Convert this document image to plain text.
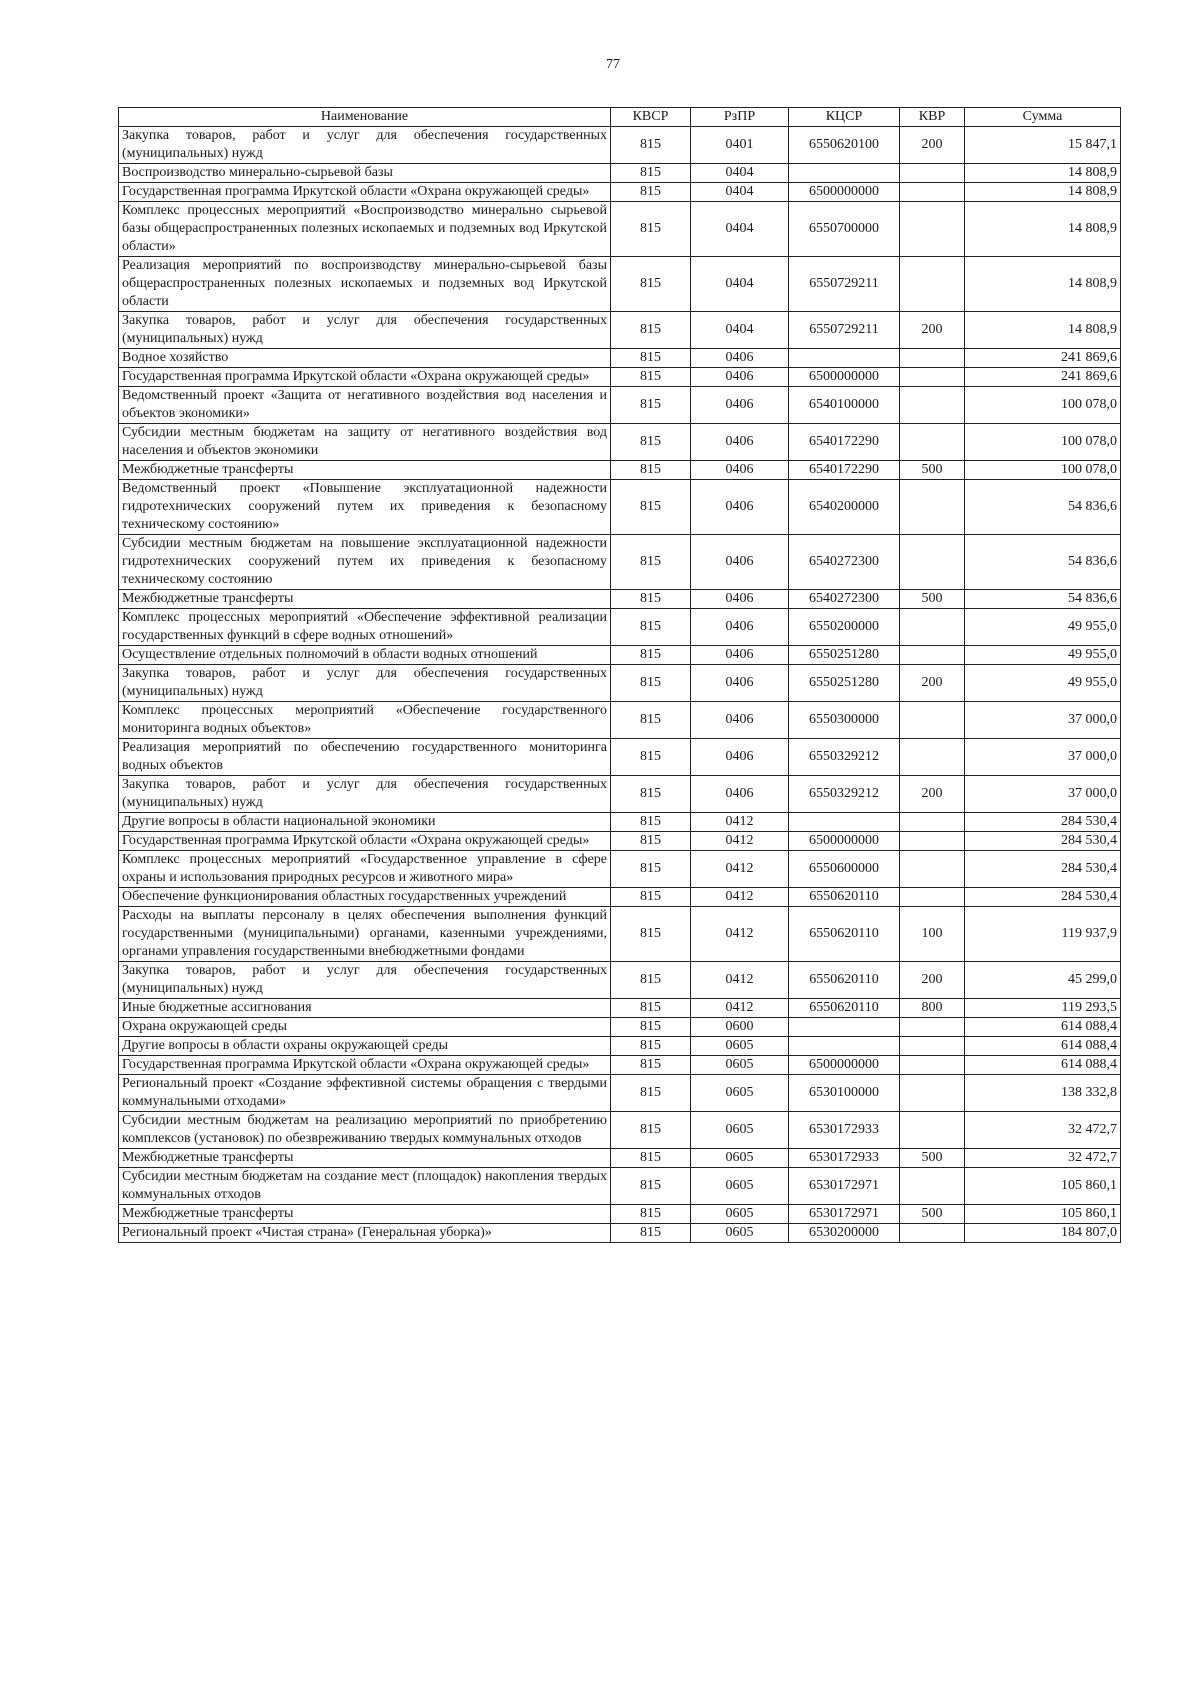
77
Наименование	КВСР	РзПР	КЦСР	КВР	Сумма
Закупка товаров, работ и услуг для обеспечения государственных (муниципальных) нужд	815	0401	6550620100	200	15 847,1
Воспроизводство минерально-сырьевой базы	815	0404			14 808,9
Государственная программа Иркутской области «Охрана окружающей среды»	815	0404	6500000000		14 808,9
Комплекс процессных мероприятий «Воспроизводство минерально сырьевой базы общераспространенных полезных ископаемых и подземных вод Иркутской области»	815	0404	6550700000		14 808,9
Реализация мероприятий по воспроизводству минерально-сырьевой базы общераспространенных полезных ископаемых и подземных вод Иркутской области	815	0404	6550729211		14 808,9
Закупка товаров, работ и услуг для обеспечения государственных (муниципальных) нужд	815	0404	6550729211	200	14 808,9
Водное хозяйство	815	0406			241 869,6
Государственная программа Иркутской области «Охрана окружающей среды»	815	0406	6500000000		241 869,6
Ведомственный проект «Защита от негативного воздействия вод населения и объектов экономики»	815	0406	6540100000		100 078,0
Субсидии местным бюджетам на защиту от негативного воздействия вод населения и объектов экономики	815	0406	6540172290		100 078,0
Межбюджетные трансферты	815	0406	6540172290	500	100 078,0
Ведомственный проект «Повышение эксплуатационной надежности гидротехнических сооружений путем их приведения к безопасному техническому состоянию»	815	0406	6540200000		54 836,6
Субсидии местным бюджетам на повышение эксплуатационной надежности гидротехнических сооружений путем их приведения к безопасному техническому состоянию	815	0406	6540272300		54 836,6
Межбюджетные трансферты	815	0406	6540272300	500	54 836,6
Комплекс процессных мероприятий «Обеспечение эффективной реализации государственных функций в сфере водных отношений»	815	0406	6550200000		49 955,0
Осуществление отдельных полномочий в области водных отношений	815	0406	6550251280		49 955,0
Закупка товаров, работ и услуг для обеспечения государственных (муниципальных) нужд	815	0406	6550251280	200	49 955,0
Комплекс процессных мероприятий «Обеспечение государственного мониторинга водных объектов»	815	0406	6550300000		37 000,0
Реализация мероприятий по обеспечению государственного мониторинга водных объектов	815	0406	6550329212		37 000,0
Закупка товаров, работ и услуг для обеспечения государственных (муниципальных) нужд	815	0406	6550329212	200	37 000,0
Другие вопросы в области национальной экономики	815	0412			284 530,4
Государственная программа Иркутской области «Охрана окружающей среды»	815	0412	6500000000		284 530,4
Комплекс процессных мероприятий «Государственное управление в сфере охраны и использования природных ресурсов и животного мира»	815	0412	6550600000		284 530,4
Обеспечение функционирования областных государственных учреждений	815	0412	6550620110		284 530,4
Расходы на выплаты персоналу в целях обеспечения выполнения функций государственными (муниципальными) органами, казенными учреждениями, органами управления государственными внебюджетными фондами	815	0412	6550620110	100	119 937,9
Закупка товаров, работ и услуг для обеспечения государственных (муниципальных) нужд	815	0412	6550620110	200	45 299,0
Иные бюджетные ассигнования	815	0412	6550620110	800	119 293,5
Охрана окружающей среды	815	0600			614 088,4
Другие вопросы в области охраны окружающей среды	815	0605			614 088,4
Государственная программа Иркутской области «Охрана окружающей среды»	815	0605	6500000000		614 088,4
Региональный проект «Создание эффективной системы обращения с твердыми коммунальными отходами»	815	0605	6530100000		138 332,8
Субсидии местным бюджетам на реализацию мероприятий по приобретению комплексов (установок) по обезвреживанию твердых коммунальных отходов	815	0605	6530172933		32 472,7
Межбюджетные трансферты	815	0605	6530172933	500	32 472,7
Субсидии местным бюджетам на создание мест (площадок) накопления твердых коммунальных отходов	815	0605	6530172971		105 860,1
Межбюджетные трансферты	815	0605	6530172971	500	105 860,1
Региональный проект «Чистая страна» (Генеральная уборка)»	815	0605	6530200000		184 807,0
